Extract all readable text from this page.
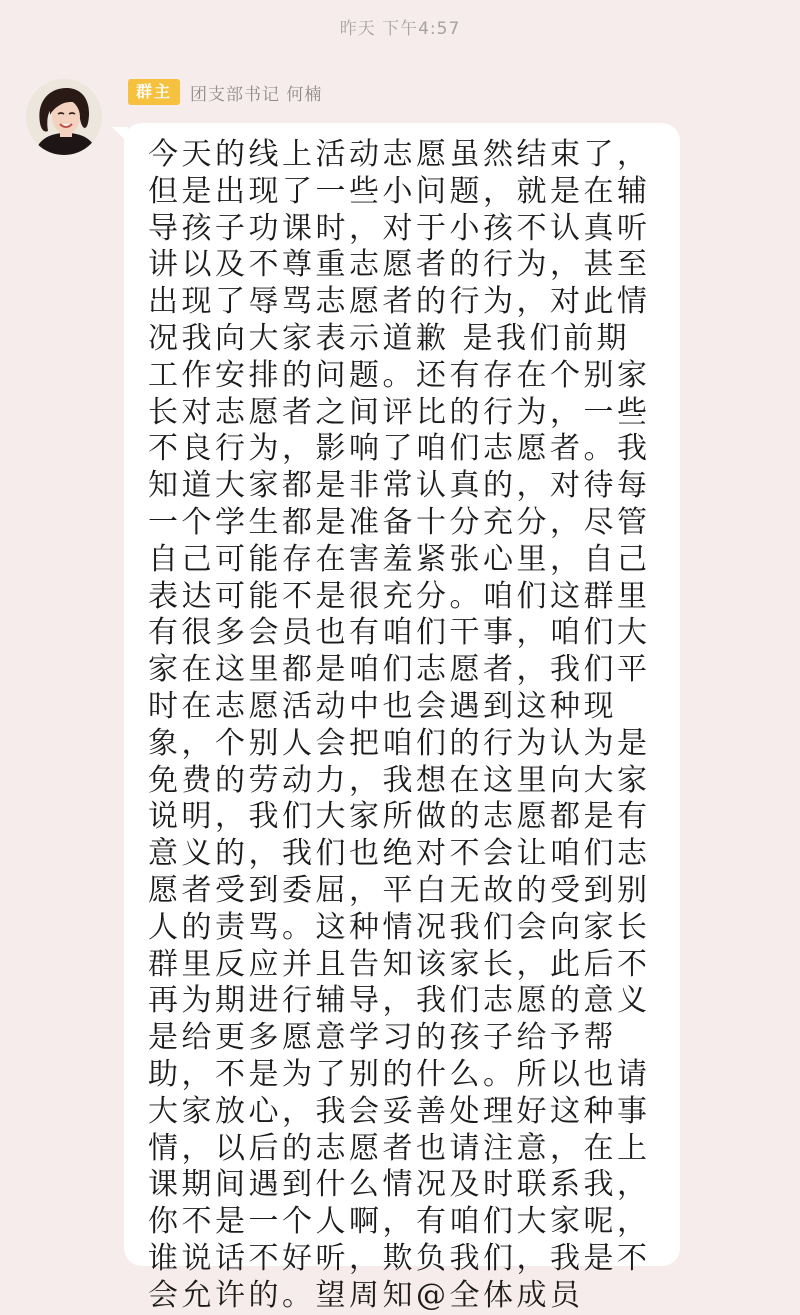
昨天 下午4:57
群主	团支部书记 何楠

今天的线上活动志愿虽然结束了，但是出现了一些小问题，就是在辅导孩子功课时，对于小孩不认真听讲以及不尊重志愿者的行为，甚至出现了辱骂志愿者的行为，对此情况我向大家表示道歉 是我们前期工作安排的问题。还有存在个别家长对志愿者之间评比的行为，一些不良行为，影响了咱们志愿者。我知道大家都是非常认真的，对待每一个学生都是准备十分充分，尽管自己可能存在害羞紧张心里，自己表达可能不是很充分。咱们这群里有很多会员也有咱们干事，咱们大家在这里都是咱们志愿者，我们平时在志愿活动中也会遇到这种现象，个别人会把咱们的行为认为是免费的劳动力，我想在这里向大家说明，我们大家所做的志愿都是有意义的，我们也绝对不会让咱们志愿者受到委屈，平白无故的受到别人的责骂。这种情况我们会向家长群里反应并且告知该家长，此后不再为期进行辅导，我们志愿的意义是给更多愿意学习的孩子给予帮助，不是为了别的什么。所以也请大家放心，我会妥善处理好这种事情，以后的志愿者也请注意，在上课期间遇到什么情况及时联系我，你不是一个人啊，有咱们大家呢，谁说话不好听，欺负我们，我是不会允许的。望周知@全体成员
